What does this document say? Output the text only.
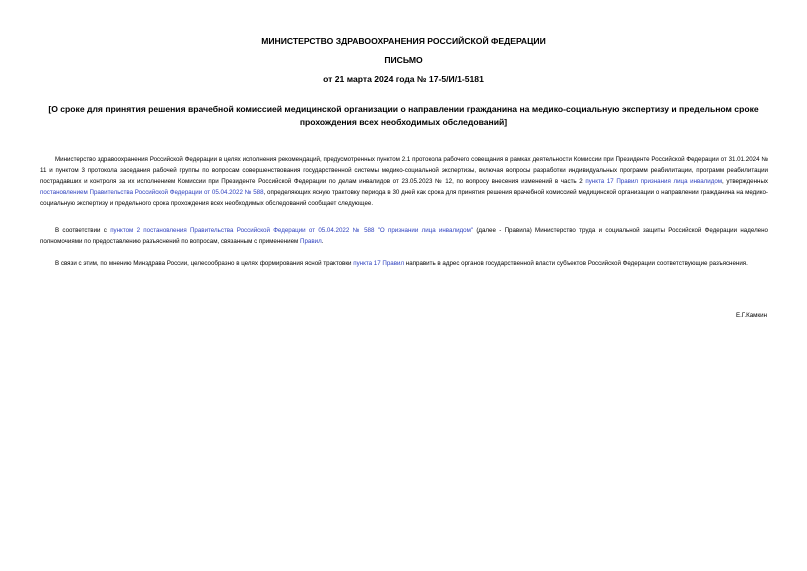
МИНИСТЕРСТВО ЗДРАВООХРАНЕНИЯ РОССИЙСКОЙ ФЕДЕРАЦИИ
ПИСЬМО
от 21 марта 2024 года № 17-5/И/1-5181
[О сроке для принятия решения врачебной комиссией медицинской организации о направлении гражданина на медико-социальную экспертизу и предельном сроке прохождения всех необходимых обследований]

Министерство здравоохранения Российской Федерации в целях исполнения рекомендаций, предусмотренных пунктом 2.1 протокола рабочего совещания в рамках деятельности Комиссии при Президенте Российской Федерации от 31.01.2024 № 11 и пунктом 3 протокола заседания рабочей группы по вопросам совершенствования государственной системы медико-социальной экспертизы, включая вопросы разработки индивидуальных программ реабилитации, программ реабилитации пострадавших и контроля за их исполнением Комиссии при Президенте Российской Федерации по делам инвалидов от 23.05.2023 № 12, по вопросу внесения изменений в часть 2 пункта 17 Правил признания лица инвалидом, утвержденных постановлением Правительства Российской Федерации от 05.04.2022 № 588, определяющих ясную трактовку периода в 30 дней как срока для принятия решения врачебной комиссией медицинской организации о направлении гражданина на медико-социальную экспертизу и предельного срока прохождения всех необходимых обследований сообщает следующее.

В соответствии с пунктом 2 постановления Правительства Российской Федерации от 05.04.2022 № 588 "О признании лица инвалидом" (далее - Правила) Министерство труда и социальной защиты Российской Федерации наделено полномочиями по предоставлению разъяснений по вопросам, связанным с применением Правил.

В связи с этим, по мнению Минздрава России, целесообразно в целях формирования ясной трактовки пункта 17 Правил направить в адрес органов государственной власти субъектов Российской Федерации соответствующие разъяснения.

Е.Г.Камкин
